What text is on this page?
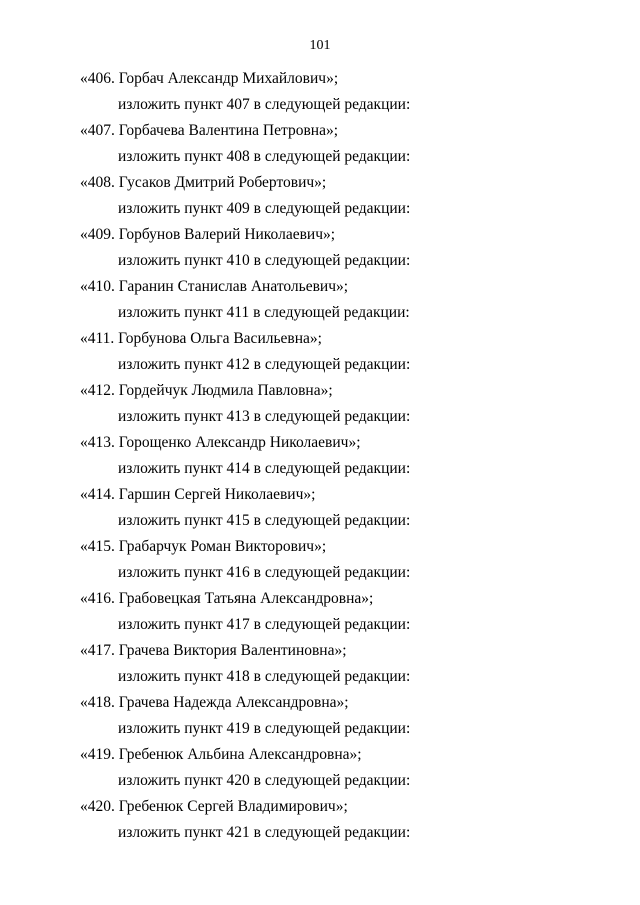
101
«406. Горбач Александр Михайлович»;
изложить пункт 407 в следующей редакции:
«407. Горбачева Валентина Петровна»;
изложить пункт 408 в следующей редакции:
«408. Гусаков Дмитрий Робертович»;
изложить пункт 409 в следующей редакции:
«409. Горбунов Валерий Николаевич»;
изложить пункт 410 в следующей редакции:
«410. Гаранин Станислав Анатольевич»;
изложить пункт 411 в следующей редакции:
«411. Горбунова Ольга Васильевна»;
изложить пункт 412 в следующей редакции:
«412. Гордейчук Людмила Павловна»;
изложить пункт 413 в следующей редакции:
«413. Горощенко Александр Николаевич»;
изложить пункт 414 в следующей редакции:
«414. Гаршин Сергей Николаевич»;
изложить пункт 415 в следующей редакции:
«415. Грабарчук Роман Викторович»;
изложить пункт 416 в следующей редакции:
«416. Грабовецкая Татьяна Александровна»;
изложить пункт 417 в следующей редакции:
«417. Грачева Виктория Валентиновна»;
изложить пункт 418 в следующей редакции:
«418. Грачева Надежда Александровна»;
изложить пункт 419 в следующей редакции:
«419. Гребенюк Альбина Александровна»;
изложить пункт 420 в следующей редакции:
«420. Гребенюк Сергей Владимирович»;
изложить пункт 421 в следующей редакции:
